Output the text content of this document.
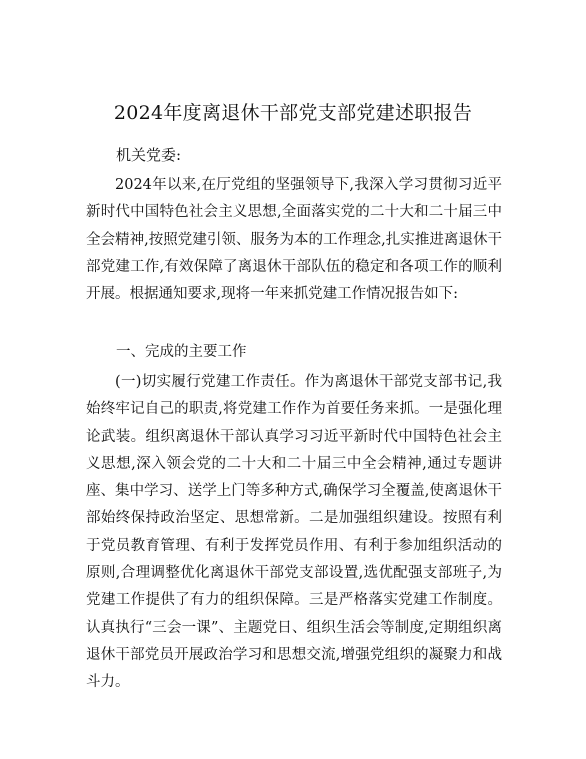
2024年度离退休干部党支部党建述职报告
机关党委:

2024年以来,在厅党组的坚强领导下,我深入学习贯彻习近平新时代中国特色社会主义思想,全面落实党的二十大和二十届三中全会精神,按照党建引领、服务为本的工作理念,扎实推进离退休干部党建工作,有效保障了离退休干部队伍的稳定和各项工作的顺利开展。根据通知要求,现将一年来抓党建工作情况报告如下:

一、完成的主要工作

(一)切实履行党建工作责任。作为离退休干部党支部书记,我始终牢记自己的职责,将党建工作作为首要任务来抓。一是强化理论武装。组织离退休干部认真学习习近平新时代中国特色社会主义思想,深入领会党的二十大和二十届三中全会精神,通过专题讲座、集中学习、送学上门等多种方式,确保学习全覆盖,使离退休干部始终保持政治坚定、思想常新。二是加强组织建设。按照有利于党员教育管理、有利于发挥党员作用、有利于参加组织活动的原则,合理调整优化离退休干部党支部设置,选优配强支部班子,为党建工作提供了有力的组织保障。三是严格落实党建工作制度。认真执行“三会一课”、主题党日、组织生活会等制度,定期组织离退休干部党员开展政治学习和思想交流,增强党组织的凝聚力和战斗力。
